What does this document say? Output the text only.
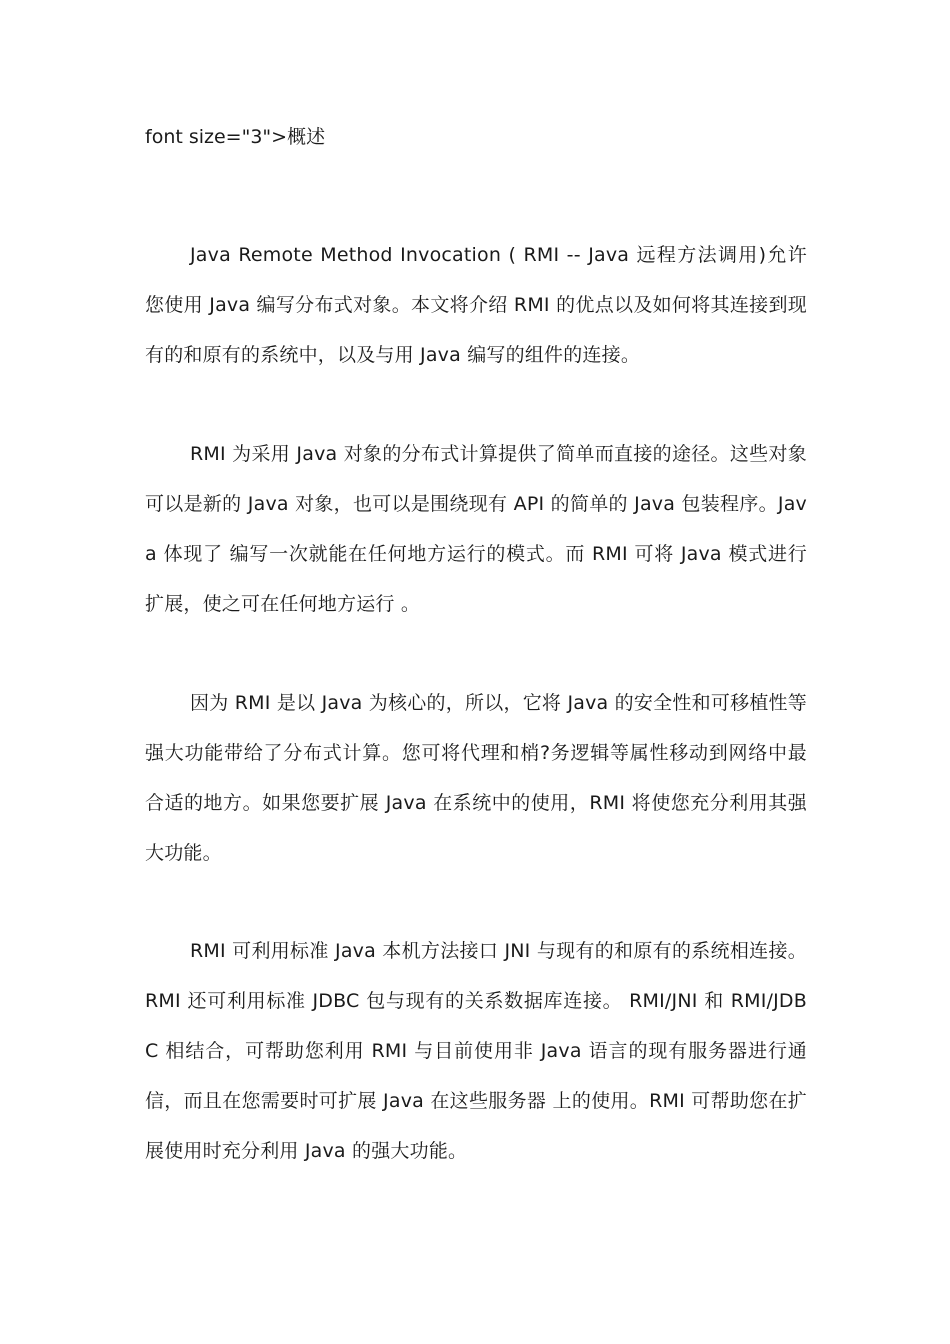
font size="3">概述

Java Remote Method Invocation ( RMI -- Java 远程方法调用)允许您使用 Java 编写分布式对象。本文将介绍 RMI 的优点以及如何将其连接到现有的和原有的系统中，以及与用 Java 编写的组件的连接。

RMI 为采用 Java 对象的分布式计算提供了简单而直接的途径。这些对象可以是新的 Java 对象，也可以是围绕现有 API 的简单的 Java 包装程序。Java 体现了 编写一次就能在任何地方运行的模式。而 RMI 可将 Java 模式进行扩展，使之可在任何地方运行 。

因为 RMI 是以 Java 为核心的，所以，它将 Java 的安全性和可移植性等强大功能带给了分布式计算。您可将代理和梢?务逻辑等属性移动到网络中最合适的地方。如果您要扩展 Java 在系统中的使用，RMI 将使您充分利用其强大功能。

RMI 可利用标准 Java 本机方法接口 JNI 与现有的和原有的系统相连接。RMI 还可利用标准 JDBC 包与现有的关系数据库连接。 RMI/JNI 和 RMI/JDBC 相结合，可帮助您利用 RMI 与目前使用非 Java 语言的现有服务器进行通信，而且在您需要时可扩展 Java 在这些服务器 上的使用。RMI 可帮助您在扩展使用时充分利用 Java 的强大功能。
